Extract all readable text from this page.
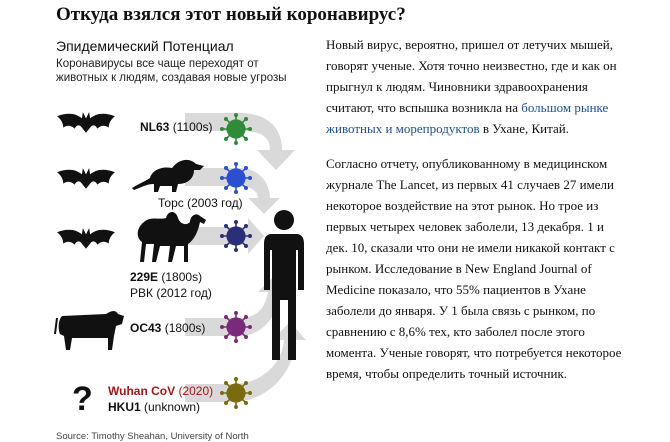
Откуда взялся этот новый коронавирус?
Эпидемический Потенциал
Коронавирусы все чаще переходят от животных к людям, создавая новые угрозы
?
NL63 (1100s)
Торс (2003 год)
229E (1800s)
РВК (2012 год)
OC43 (1800s)
Wuhan CoV (2020)
HKU1 (unknown)
Source: Timothy Sheahan, University of North

Новый вирус, вероятно, пришел от летучих мышей, говорят ученые. Хотя точно неизвестно, где и как он прыгнул к людям. Чиновники здравоохранения считают, что вспышка возникла на большом рынке животных и морепродуктов в Ухане, Китай.

Согласно отчету, опубликованному в медицинском журнале The Lancet, из первых 41 случаев 27 имели некоторое воздействие на этот рынок. Но трое из первых четырех человек заболели, 13 декабря. 1 и дек. 10, сказали что они не имели никакой контакт с рынком. Исследование в New England Journal of Medicine показало, что 55% пациентов в Ухане заболели до января. У 1 была связь с рынком, по сравнению с 8,6% тех, кто заболел после этого момента. Ученые говорят, что потребуется некоторое время, чтобы определить точный источник.
